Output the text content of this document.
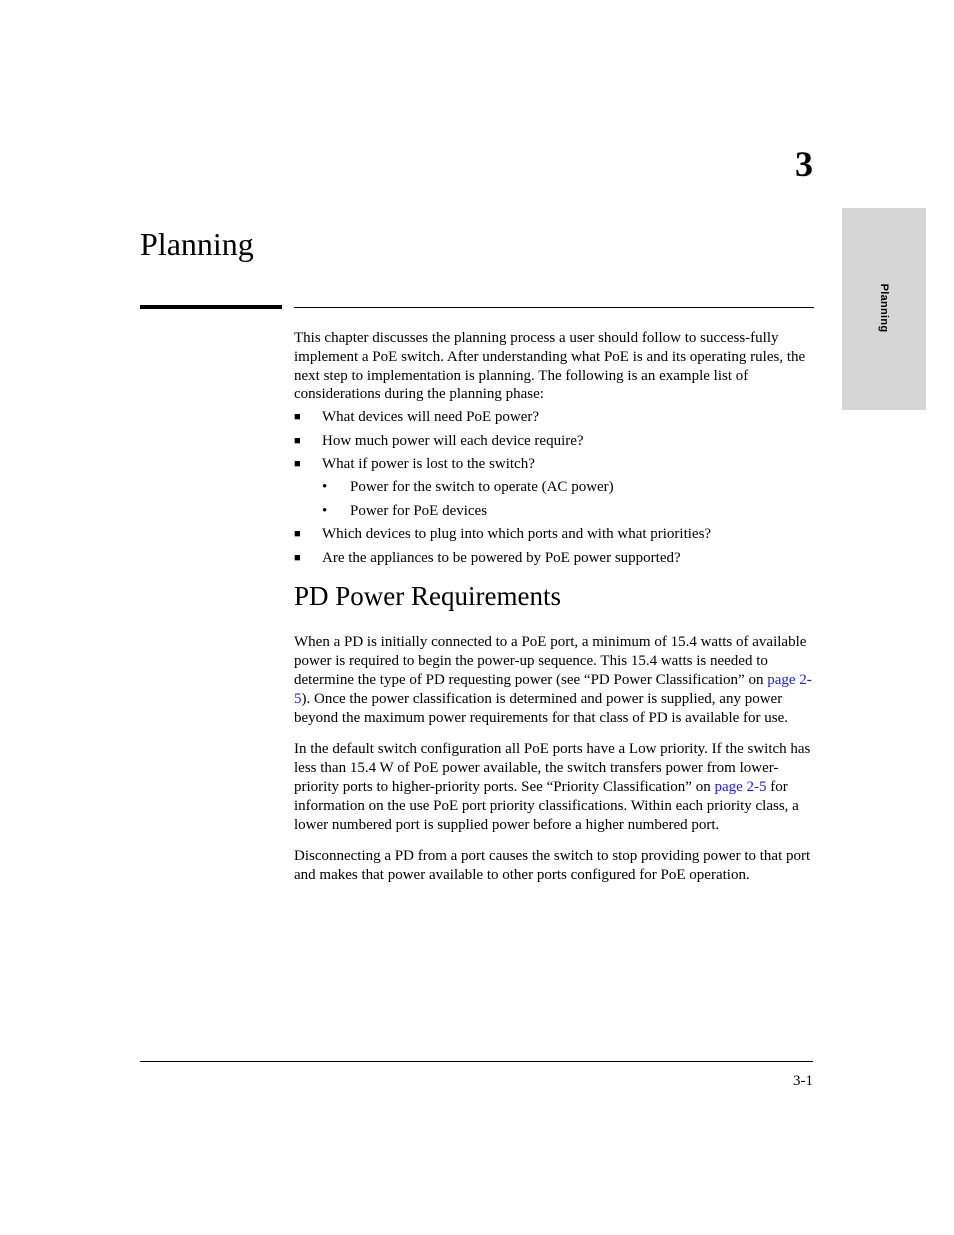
3
Planning
Planning

This chapter discusses the planning process a user should follow to success-fully implement a PoE switch. After understanding what PoE is and its operating rules, the next step to implementation is planning. The following is an example list of considerations during the planning phase:

■ What devices will need PoE power?
■ How much power will each device require?
■ What if power is lost to the switch?
• Power for the switch to operate (AC power)
• Power for PoE devices
■ Which devices to plug into which ports and with what priorities?
■ Are the appliances to be powered by PoE power supported?
PD Power Requirements

When a PD is initially connected to a PoE port, a minimum of 15.4 watts of available power is required to begin the power-up sequence. This 15.4 watts is needed to determine the type of PD requesting power (see “PD Power Classification” on page 2-5). Once the power classification is determined and power is supplied, any power beyond the maximum power requirements for that class of PD is available for use.

In the default switch configuration all PoE ports have a Low priority. If the switch has less than 15.4 W of PoE power available, the switch transfers power from lower-priority ports to higher-priority ports. See “Priority Classification” on page 2-5 for information on the use PoE port priority classifications. Within each priority class, a lower numbered port is supplied power before a higher numbered port.

Disconnecting a PD from a port causes the switch to stop providing power to that port and makes that power available to other ports configured for PoE operation.

3-1
